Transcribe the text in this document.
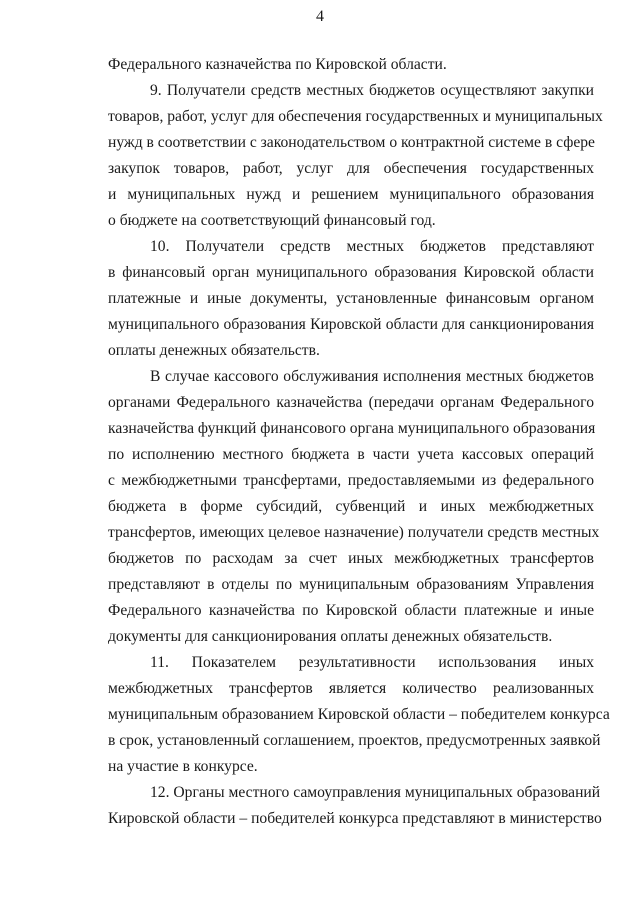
4
Федерального казначейства по Кировской области.
9. Получатели средств местных бюджетов осуществляют закупки
товаров, работ, услуг для обеспечения государственных и муниципальных
нужд в соответствии с законодательством о контрактной системе в сфере
закупок товаров, работ, услуг для обеспечения государственных
и муниципальных нужд и решением муниципального образования
о бюджете на соответствующий финансовый год.
10. Получатели средств местных бюджетов представляют
в финансовый орган муниципального образования Кировской области
платежные и иные документы, установленные финансовым органом
муниципального образования Кировской области для санкционирования
оплаты денежных обязательств.
В случае кассового обслуживания исполнения местных бюджетов
органами Федерального казначейства (передачи органам Федерального
казначейства функций финансового органа муниципального образования
по исполнению местного бюджета в части учета кассовых операций
с межбюджетными трансфертами, предоставляемыми из федерального
бюджета в форме субсидий, субвенций и иных межбюджетных
трансфертов, имеющих целевое назначение) получатели средств местных
бюджетов по расходам за счет иных межбюджетных трансфертов
представляют в отделы по муниципальным образованиям Управления
Федерального казначейства по Кировской области платежные и иные
документы для санкционирования оплаты денежных обязательств.
11. Показателем результативности использования иных
межбюджетных трансфертов является количество реализованных
муниципальным образованием Кировской области – победителем конкурса
в срок, установленный соглашением, проектов, предусмотренных заявкой
на участие в конкурсе.
12. Органы местного самоуправления муниципальных образований
Кировской области – победителей конкурса представляют в министерство
